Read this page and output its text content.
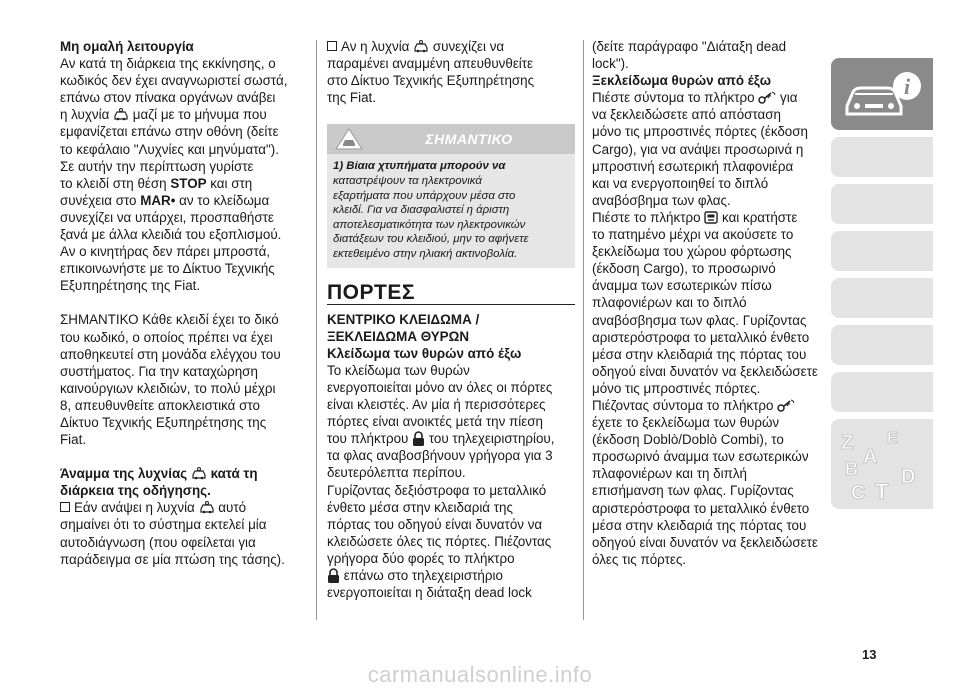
Μη ομαλή λειτουργία

Αν κατά τη διάρκεια της εκκίνησης, ο

κωδικός δεν έχει αναγνωριστεί σωστά,

επάνω στον πίνακα οργάνων ανάβει

η λυχνία μαζί με το μήνυμα που

εμφανίζεται επάνω στην οθόνη (δείτε

το κεφάλαιο "Λυχνίες και μηνύματα").

Σε αυτήν την περίπτωση γυρίστε

το κλειδί στη θέση STOP και στη

συνέχεια στο MAR• αν το κλείδωμα

συνεχίζει να υπάρχει, προσπαθήστε

ξανά με άλλα κλειδιά του εξοπλισμού.

Αν ο κινητήρας δεν πάρει μπροστά,

επικοινωνήστε με το Δίκτυο Τεχνικής

Εξυπηρέτησης της Fiat.

ΣΗΜΑΝΤΙΚΟ Κάθε κλειδί έχει το δικό

του κωδικό, ο οποίος πρέπει να έχει

αποθηκευτεί στη μονάδα ελέγχου του

συστήματος. Για την καταχώρηση

καινούργιων κλειδιών, το πολύ μέχρι

8, απευθυνθείτε αποκλειστικά στο

Δίκτυο Τεχνικής Εξυπηρέτησης της

Fiat.

Άναμμα της λυχνίας κατά τη

διάρκεια της οδήγησης.

Εάν ανάψει η λυχνία αυτό

σημαίνει ότι το σύστημα εκτελεί μία

αυτοδιάγνωση (που οφείλεται για

παράδειγμα σε μία πτώση της τάσης).

Αν η λυχνία συνεχίζει να

παραμένει αναμμένη απευθυνθείτε

στο Δίκτυο Τεχνικής Εξυπηρέτησης

της Fiat.

ΣΗΜΑΝΤΙΚΟ

1) Βίαια χτυπήματα μπορούν να

καταστρέψουν τα ηλεκτρονικά

εξαρτήματα που υπάρχουν μέσα στο

κλειδί. Για να διασφαλιστεί η άριστη

αποτελεσματικότητα των ηλεκτρονικών

διατάξεων του κλειδιού, μην το αφήνετε

εκτεθειμένο στην ηλιακή ακτινοβολία.

ΠΟΡΤΕΣ

ΚΕΝΤΡΙΚΟ ΚΛΕΙΔΩΜΑ /

ΞΕΚΛΕΙΔΩΜΑ ΘΥΡΩΝ

Κλείδωμα των θυρών από έξω

Το κλείδωμα των θυρών

ενεργοποιείται μόνο αν όλες οι πόρτες

είναι κλειστές. Αν μία ή περισσότερες

πόρτες είναι ανοικτές μετά την πίεση

του πλήκτρου του τηλεχειριστηρίου,

τα φλας αναβοσβήνουν γρήγορα για 3

δευτερόλεπτα περίπου.

Γυρίζοντας δεξιόστροφα το μεταλλικό

ένθετο μέσα στην κλειδαριά της

πόρτας του οδηγού είναι δυνατόν να

κλειδώσετε όλες τις πόρτες. Πιέζοντας

γρήγορα δύο φορές το πλήκτρο

επάνω στο τηλεχειριστήριο

ενεργοποιείται η διάταξη dead lock

(δείτε παράγραφο "Διάταξη dead

lock").

Ξεκλείδωμα θυρών από έξω

Πιέστε σύντομα το πλήκτρο για

να ξεκλειδώσετε από απόσταση

μόνο τις μπροστινές πόρτες (έκδοση

Cargo), για να ανάψει προσωρινά η

μπροστινή εσωτερική πλαφονιέρα

και να ενεργοποιηθεί το διπλό

αναβόσβημα των φλας.

Πιέστε το πλήκτρο και κρατήστε

το πατημένο μέχρι να ακούσετε το

ξεκλείδωμα του χώρου φόρτωσης

(έκδοση Cargo), το προσωρινό

άναμμα των εσωτερικών πίσω

πλαφονιέρων και το διπλό

αναβόσβησμα των φλας. Γυρίζοντας

αριστερόστροφα το μεταλλικό ένθετο

μέσα στην κλειδαριά της πόρτας του

οδηγού είναι δυνατόν να ξεκλειδώσετε

μόνο τις μπροστινές πόρτες.

Πιέζοντας σύντομα το πλήκτρο

έχετε το ξεκλείδωμα των θυρών

(έκδοση Doblò/Doblò Combi), το

προσωρινό άναμμα των εσωτερικών

πλαφονιέρων και τη διπλή

επισήμανση των φλας. Γυρίζοντας

αριστερόστροφα το μεταλλικό ένθετο

μέσα στην κλειδαριά της πόρτας του

οδηγού είναι δυνατόν να ξεκλειδώσετε

όλες τις πόρτες.

i
Z E
A
B
C T
D
13
carmanualsonline.info
